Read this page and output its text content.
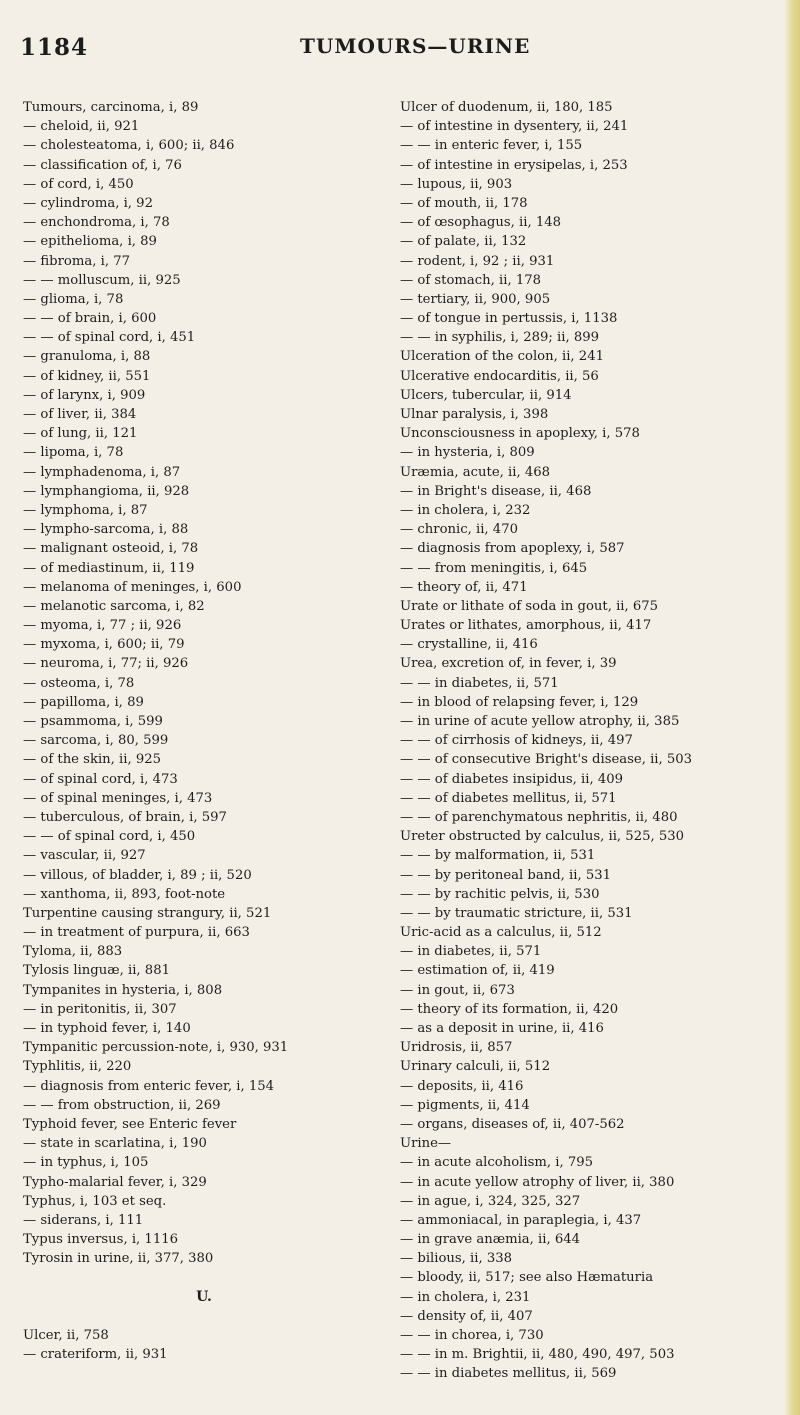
1184	TUMOURS—URINE
Tumours, carcinoma, i, 89
— cheloid, ii, 921
— cholesteatoma, i, 600; ii, 846
— classification of, i, 76
— of cord, i, 450
— cylindroma, i, 92
— enchondroma, i, 78
— epithelioma, i, 89
— fibroma, i, 77
— — molluscum, ii, 925
— glioma, i, 78
— — of brain, i, 600
— — of spinal cord, i, 451
— granuloma, i, 88
— of kidney, ii, 551
— of larynx, i, 909
— of liver, ii, 384
— of lung, ii, 121
— lipoma, i, 78
— lymphadenoma, i, 87
— lymphangioma, ii, 928
— lymphoma, i, 87
— lympho-sarcoma, i, 88
— malignant osteoid, i, 78
— of mediastinum, ii, 119
— melanoma of meninges, i, 600
— melanotic sarcoma, i, 82
— myoma, i, 77 ; ii, 926
— myxoma, i, 600; ii, 79
— neuroma, i, 77; ii, 926
— osteoma, i, 78
— papilloma, i, 89
— psammoma, i, 599
— sarcoma, i, 80, 599
— of the skin, ii, 925
— of spinal cord, i, 473
— of spinal meninges, i, 473
— tuberculous, of brain, i, 597
— — of spinal cord, i, 450
— vascular, ii, 927
— villous, of bladder, i, 89 ; ii, 520
— xanthoma, ii, 893, foot-note
Turpentine causing strangury, ii, 521
— in treatment of purpura, ii, 663
Tyloma, ii, 883
Tylosis linguæ, ii, 881
Tympanites in hysteria, i, 808
— in peritonitis, ii, 307
— in typhoid fever, i, 140
Tympanitic percussion-note, i, 930, 931
Typhlitis, ii, 220
— diagnosis from enteric fever, i, 154
— — from obstruction, ii, 269
Typhoid fever, see Enteric fever
— state in scarlatina, i, 190
— in typhus, i, 105
Typho-malarial fever, i, 329
Typhus, i, 103 et seq.
— siderans, i, 111
Typus inversus, i, 1116
Tyrosin in urine, ii, 377, 380
U.
Ulcer, ii, 758
— crateriform, ii, 931
Ulcer of duodenum, ii, 180, 185
— of intestine in dysentery, ii, 241
— — in enteric fever, i, 155
— of intestine in erysipelas, i, 253
— lupous, ii, 903
— of mouth, ii, 178
— of œsophagus, ii, 148
— of palate, ii, 132
— rodent, i, 92 ; ii, 931
— of stomach, ii, 178
— tertiary, ii, 900, 905
— of tongue in pertussis, i, 1138
— — in syphilis, i, 289; ii, 899
Ulceration of the colon, ii, 241
Ulcerative endocarditis, ii, 56
Ulcers, tubercular, ii, 914
Ulnar paralysis, i, 398
Unconsciousness in apoplexy, i, 578
— in hysteria, i, 809
Uræmia, acute, ii, 468
— in Bright's disease, ii, 468
— in cholera, i, 232
— chronic, ii, 470
— diagnosis from apoplexy, i, 587
— — from meningitis, i, 645
— theory of, ii, 471
Urate or lithate of soda in gout, ii, 675
Urates or lithates, amorphous, ii, 417
— crystalline, ii, 416
Urea, excretion of, in fever, i, 39
— — in diabetes, ii, 571
— in blood of relapsing fever, i, 129
— in urine of acute yellow atrophy, ii, 385
— — of cirrhosis of kidneys, ii, 497
— — of consecutive Bright's disease, ii, 503
— — of diabetes insipidus, ii, 409
— — of diabetes mellitus, ii, 571
— — of parenchymatous nephritis, ii, 480
Ureter obstructed by calculus, ii, 525, 530
— — by malformation, ii, 531
— — by peritoneal band, ii, 531
— — by rachitic pelvis, ii, 530
— — by traumatic stricture, ii, 531
Uric-acid as a calculus, ii, 512
— in diabetes, ii, 571
— estimation of, ii, 419
— in gout, ii, 673
— theory of its formation, ii, 420
— as a deposit in urine, ii, 416
Uridrosis, ii, 857
Urinary calculi, ii, 512
— deposits, ii, 416
— pigments, ii, 414
— organs, diseases of, ii, 407-562
Urine—
— in acute alcoholism, i, 795
— in acute yellow atrophy of liver, ii, 380
— in ague, i, 324, 325, 327
— ammoniacal, in paraplegia, i, 437
— in grave anæmia, ii, 644
— bilious, ii, 338
— bloody, ii, 517; see also Hæmaturia
— in cholera, i, 231
— density of, ii, 407
— — in chorea, i, 730
— — in m. Brightii, ii, 480, 490, 497, 503
— — in diabetes mellitus, ii, 569
